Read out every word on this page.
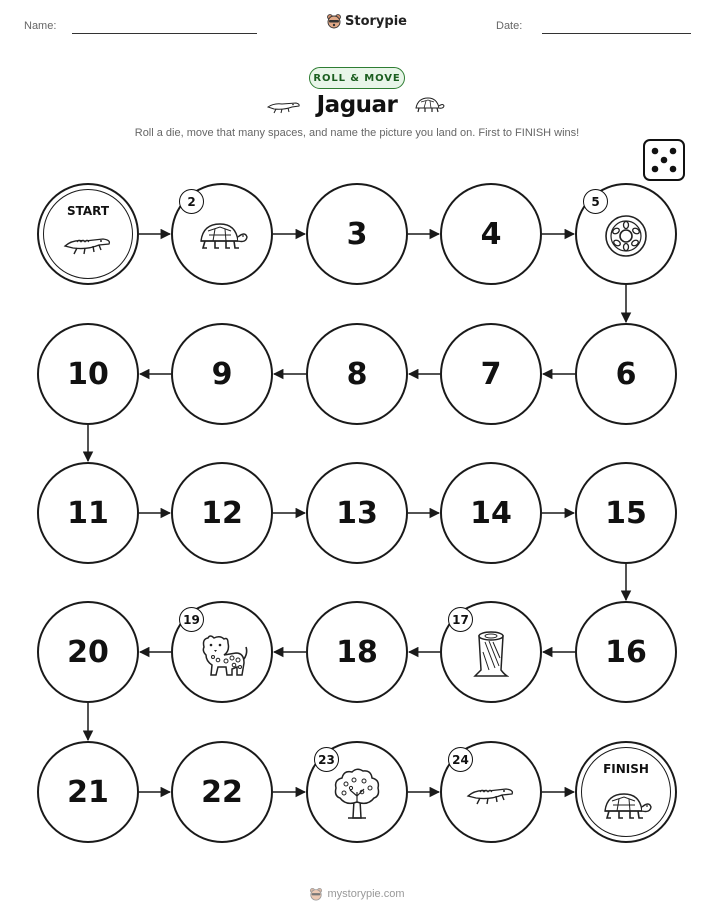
Name:	Storypie	Date:
ROLL & MOVE
Jaguar
Roll a die, move that many spaces, and name the picture you land on. First to FINISH wins!
START
2
3	4
5
6
7
8
9
10
11	12	13	14	15
16
17
18
19
20
21	22
23	24
FINISH
mystorypie.com
